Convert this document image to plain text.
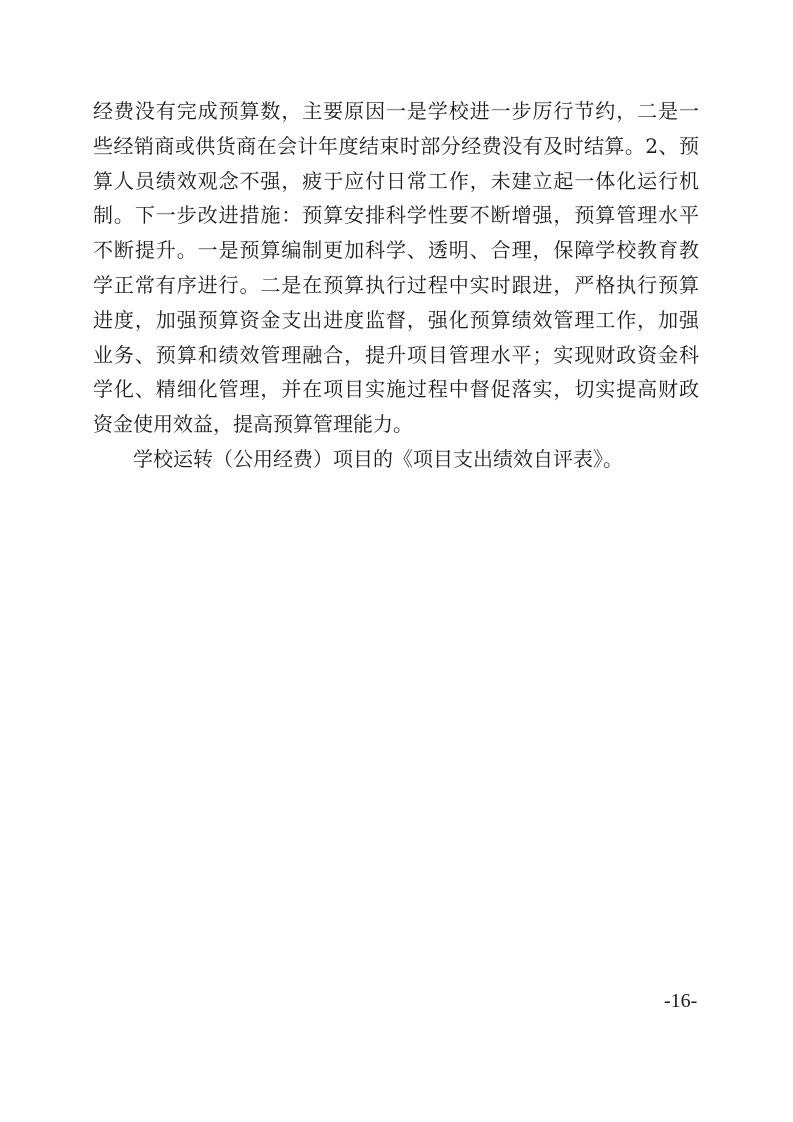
经费没有完成预算数，主要原因一是学校进一步厉行节约，二是一
些经销商或供货商在会计年度结束时部分经费没有及时结算。2、预
算人员绩效观念不强，疲于应付日常工作，未建立起一体化运行机
制。下一步改进措施：预算安排科学性要不断增强，预算管理水平
不断提升。一是预算编制更加科学、透明、合理，保障学校教育教
学正常有序进行。二是在预算执行过程中实时跟进，严格执行预算
进度，加强预算资金支出进度监督，强化预算绩效管理工作，加强
业务、预算和绩效管理融合，提升项目管理水平；实现财政资金科
学化、精细化管理，并在项目实施过程中督促落实，切实提高财政
资金使用效益，提高预算管理能力。
学校运转（公用经费）项目的《项目支出绩效自评表》。
-16-
